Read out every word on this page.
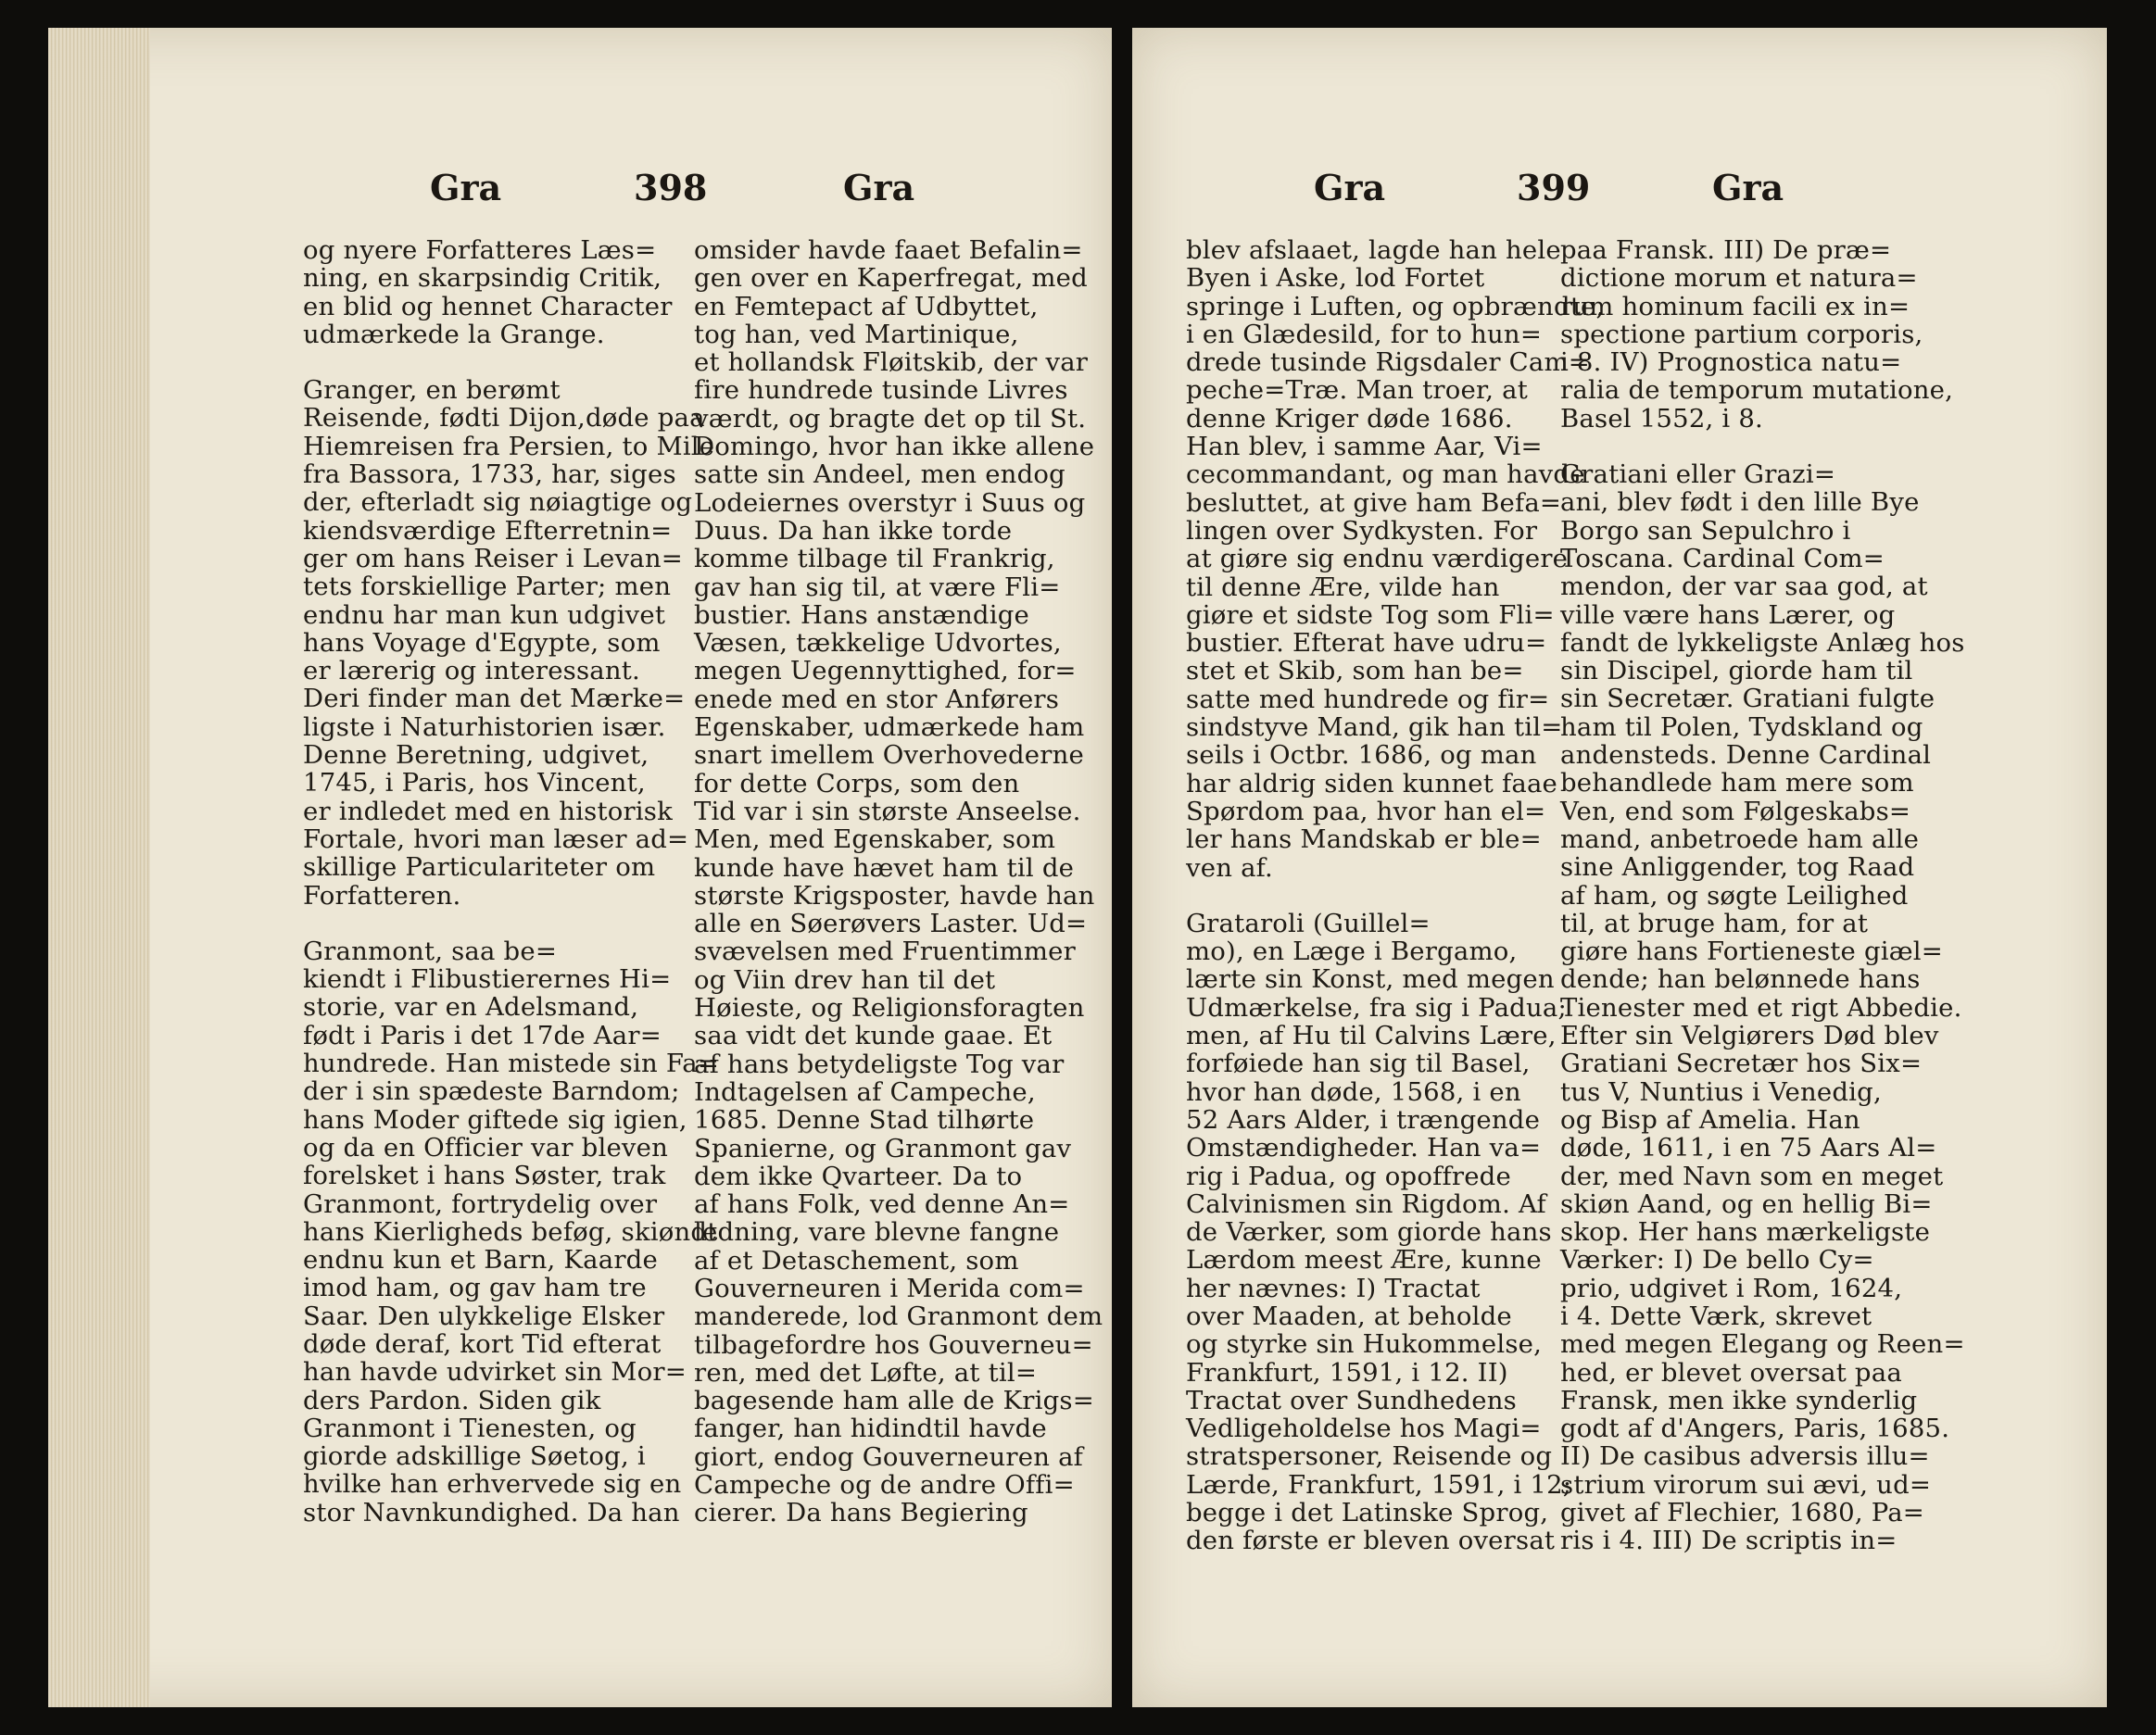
Gra	398	Gra

og nyere Forfatteres Læs=

ning, en skarpsindig Critik,

en blid og hennet Character

udmærkede la Grange.

Granger, en berømt

Reisende, fødti Dijon,døde paa

Hiemreisen fra Persien, to Mile

fra Bassora, 1733, har, siges

der, efterladt sig nøiagtige og

kiendsværdige Efterretnin=

ger om hans Reiser i Levan=

tets forskiellige Parter; men

endnu har man kun udgivet

hans Voyage d'Egypte, som

er lærerig og interessant.

Deri finder man det Mærke=

ligste i Naturhistorien især.

Denne Beretning, udgivet,

1745, i Paris, hos Vincent,

er indledet med en historisk

Fortale, hvori man læser ad=

skillige Particulariteter om

Forfatteren.

Granmont, saa be=

kiendt i Flibustierernes Hi=

storie, var en Adelsmand,

født i Paris i det 17de Aar=

hundrede. Han mistede sin Fa=

der i sin spædeste Barndom;

hans Moder giftede sig igien,

og da en Officier var bleven

forelsket i hans Søster, trak

Granmont, fortrydelig over

hans Kierligheds beføg, skiøndt

endnu kun et Barn, Kaarde

imod ham, og gav ham tre

Saar. Den ulykkelige Elsker

døde deraf, kort Tid efterat

han havde udvirket sin Mor=

ders Pardon. Siden gik

Granmont i Tienesten, og

giorde adskillige Søetog, i

hvilke han erhvervede sig en

stor Navnkundighed. Da han

omsider havde faaet Befalin=

gen over en Kaperfregat, med

en Femtepact af Udbyttet,

tog han, ved Martinique,

et hollandsk Fløitskib, der var

fire hundrede tusinde Livres

værdt, og bragte det op til St.

Domingo, hvor han ikke allene

satte sin Andeel, men endog

Lodeiernes overstyr i Suus og

Duus. Da han ikke torde

komme tilbage til Frankrig,

gav han sig til, at være Fli=

bustier. Hans anstændige

Væsen, tækkelige Udvortes,

megen Uegennyttighed, for=

enede med en stor Anførers

Egenskaber, udmærkede ham

snart imellem Overhovederne

for dette Corps, som den

Tid var i sin største Anseelse.

Men, med Egenskaber, som

kunde have hævet ham til de

største Krigsposter, havde han

alle en Søerøvers Laster. Ud=

svævelsen med Fruentimmer

og Viin drev han til det

Høieste, og Religionsforagten

saa vidt det kunde gaae. Et

af hans betydeligste Tog var

Indtagelsen af Campeche,

1685. Denne Stad tilhørte

Spanierne, og Granmont gav

dem ikke Qvarteer. Da to

af hans Folk, ved denne An=

ledning, vare blevne fangne

af et Detaschement, som

Gouverneuren i Merida com=

manderede, lod Granmont dem

tilbagefordre hos Gouverneu=

ren, med det Løfte, at til=

bagesende ham alle de Krigs=

fanger, han hidindtil havde

giort, endog Gouverneuren af

Campeche og de andre Offi=

cierer. Da hans Begiering

Gra	399	Gra

blev afslaaet, lagde han hele

Byen i Aske, lod Fortet

springe i Luften, og opbrændte,

i en Glædesild, for to hun=

drede tusinde Rigsdaler Cam=

peche=Træ. Man troer, at

denne Kriger døde 1686.

Han blev, i samme Aar, Vi=

cecommandant, og man havde

besluttet, at give ham Befa=

lingen over Sydkysten. For

at giøre sig endnu værdigere

til denne Ære, vilde han

giøre et sidste Tog som Fli=

bustier. Efterat have udru=

stet et Skib, som han be=

satte med hundrede og fir=

sindstyve Mand, gik han til=

seils i Octbr. 1686, og man

har aldrig siden kunnet faae

Spørdom paa, hvor han el=

ler hans Mandskab er ble=

ven af.

Grataroli (Guillel=

mo), en Læge i Bergamo,

lærte sin Konst, med megen

Udmærkelse, fra sig i Padua;

men, af Hu til Calvins Lære,

forføiede han sig til Basel,

hvor han døde, 1568, i en

52 Aars Alder, i trængende

Omstændigheder. Han va=

rig i Padua, og opoffrede

Calvinismen sin Rigdom. Af

de Værker, som giorde hans

Lærdom meest Ære, kunne

her nævnes: I) Tractat

over Maaden, at beholde

og styrke sin Hukommelse,

Frankfurt, 1591, i 12. II)

Tractat over Sundhedens

Vedligeholdelse hos Magi=

stratspersoner, Reisende og

Lærde, Frankfurt, 1591, i 12;

begge i det Latinske Sprog,

den første er bleven oversat

paa Fransk. III) De præ=

dictione morum et natura=

rum hominum facili ex in=

spectione partium corporis,

i 8. IV) Prognostica natu=

ralia de temporum mutatione,

Basel 1552, i 8.

Gratiani eller Grazi=

ani, blev født i den lille Bye

Borgo san Sepulchro i

Toscana. Cardinal Com=

mendon, der var saa god, at

ville være hans Lærer, og

fandt de lykkeligste Anlæg hos

sin Discipel, giorde ham til

sin Secretær. Gratiani fulgte

ham til Polen, Tydskland og

andensteds. Denne Cardinal

behandlede ham mere som

Ven, end som Følgeskabs=

mand, anbetroede ham alle

sine Anliggender, tog Raad

af ham, og søgte Leilighed

til, at bruge ham, for at

giøre hans Fortieneste giæl=

dende; han belønnede hans

Tienester med et rigt Abbedie.

Efter sin Velgiørers Død blev

Gratiani Secretær hos Six=

tus V, Nuntius i Venedig,

og Bisp af Amelia. Han

døde, 1611, i en 75 Aars Al=

der, med Navn som en meget

skiøn Aand, og en hellig Bi=

skop. Her hans mærkeligste

Værker: I) De bello Cy=

prio, udgivet i Rom, 1624,

i 4. Dette Værk, skrevet

med megen Elegang og Reen=

hed, er blevet oversat paa

Fransk, men ikke synderlig

godt af d'Angers, Paris, 1685.

II) De casibus adversis illu=

strium virorum sui ævi, ud=

givet af Flechier, 1680, Pa=

ris i 4. III) De scriptis in=
